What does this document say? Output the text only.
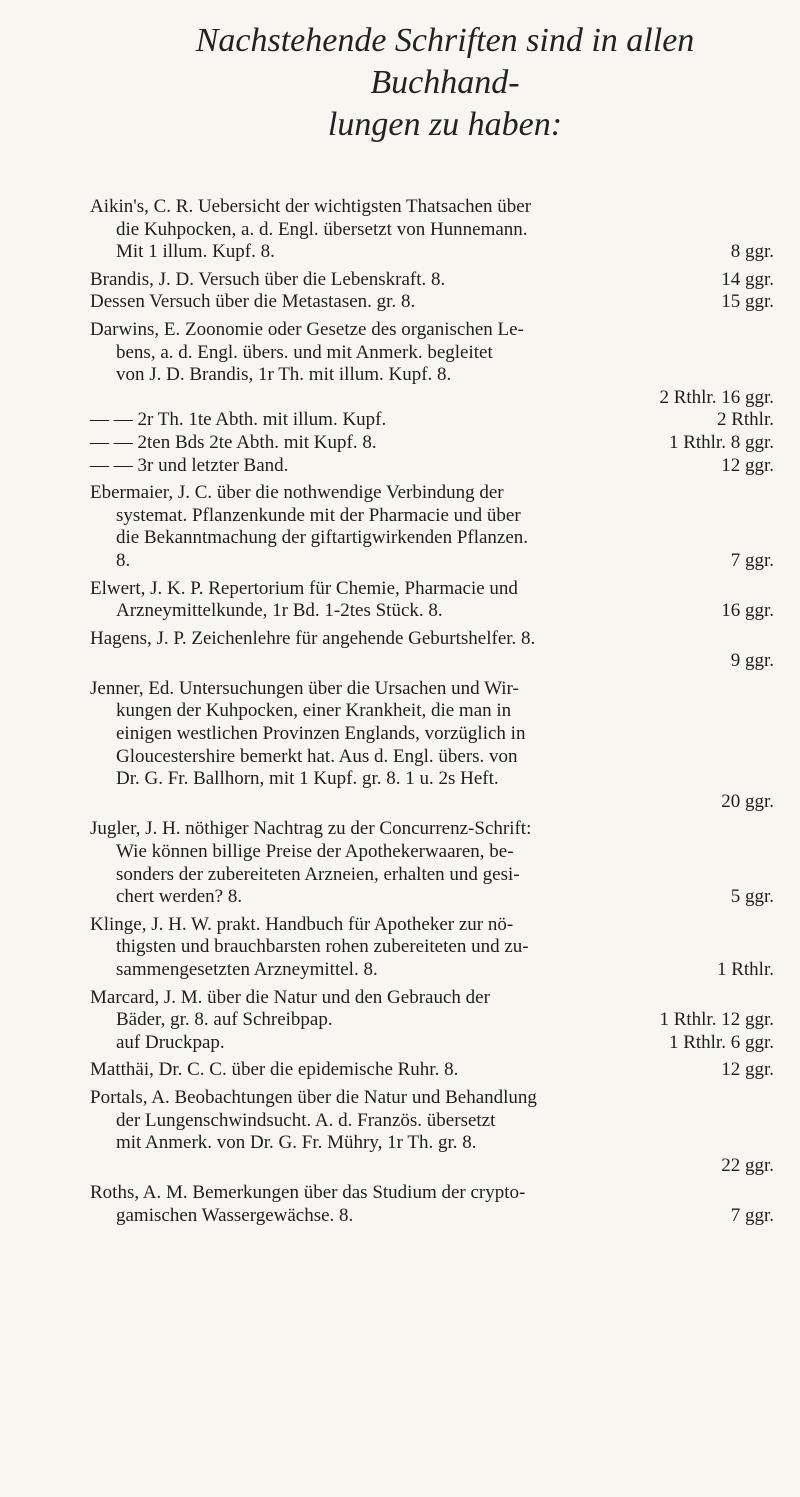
Nachstehende Schriften sind in allen Buchhand-
lungen zu haben:
Aikin's, C. R. Uebersicht der wichtigsten Thatsachen über
die Kuhpocken, a. d. Engl. übersetzt von Hunnemann.
Mit 1 illum. Kupf. 8.	8 ggr.
Brandis, J. D. Versuch über die Lebenskraft. 8.	14 ggr.
Dessen Versuch über die Metastasen. gr. 8.	15 ggr.
Darwins, E. Zoonomie oder Gesetze des organischen Le-
bens, a. d. Engl. übers. und mit Anmerk. begleitet
von J. D. Brandis, 1r Th. mit illum. Kupf. 8.
2 Rthlr. 16 ggr.
— — 2r Th. 1te Abth. mit illum. Kupf.	2 Rthlr.
— — 2ten Bds 2te Abth. mit Kupf. 8.	1 Rthlr. 8 ggr.
— — 3r und letzter Band.	12 ggr.
Ebermaier, J. C. über die nothwendige Verbindung der
systemat. Pflanzenkunde mit der Pharmacie und über
die Bekanntmachung der giftartigwirkenden Pflanzen.
8.	7 ggr.
Elwert, J. K. P. Repertorium für Chemie, Pharmacie und
Arzneymittelkunde, 1r Bd. 1-2tes Stück. 8.	16 ggr.
Hagens, J. P. Zeichenlehre für angehende Geburtshelfer. 8.
9 ggr.
Jenner, Ed. Untersuchungen über die Ursachen und Wir-
kungen der Kuhpocken, einer Krankheit, die man in
einigen westlichen Provinzen Englands, vorzüglich in
Gloucestershire bemerkt hat. Aus d. Engl. übers. von
Dr. G. Fr. Ballhorn, mit 1 Kupf. gr. 8. 1 u. 2s Heft.
20 ggr.
Jugler, J. H. nöthiger Nachtrag zu der Concurrenz-Schrift:
Wie können billige Preise der Apothekerwaaren, be-
sonders der zubereiteten Arzneien, erhalten und gesi-
chert werden? 8.	5 ggr.
Klinge, J. H. W. prakt. Handbuch für Apotheker zur nö-
thigsten und brauchbarsten rohen zubereiteten und zu-
sammengesetzten Arzneymittel. 8.	1 Rthlr.
Marcard, J. M. über die Natur und den Gebrauch der
Bäder, gr. 8. auf Schreibpap.	1 Rthlr. 12 ggr.
auf Druckpap.	1 Rthlr. 6 ggr.
Matthäi, Dr. C. C. über die epidemische Ruhr. 8.	12 ggr.
Portals, A. Beobachtungen über die Natur und Behandlung
der Lungenschwindsucht. A. d. Französ. übersetzt
mit Anmerk. von Dr. G. Fr. Mühry, 1r Th. gr. 8.
22 ggr.
Roths, A. M. Bemerkungen über das Studium der crypto-
gamischen Wassergewächse. 8.	7 ggr.
